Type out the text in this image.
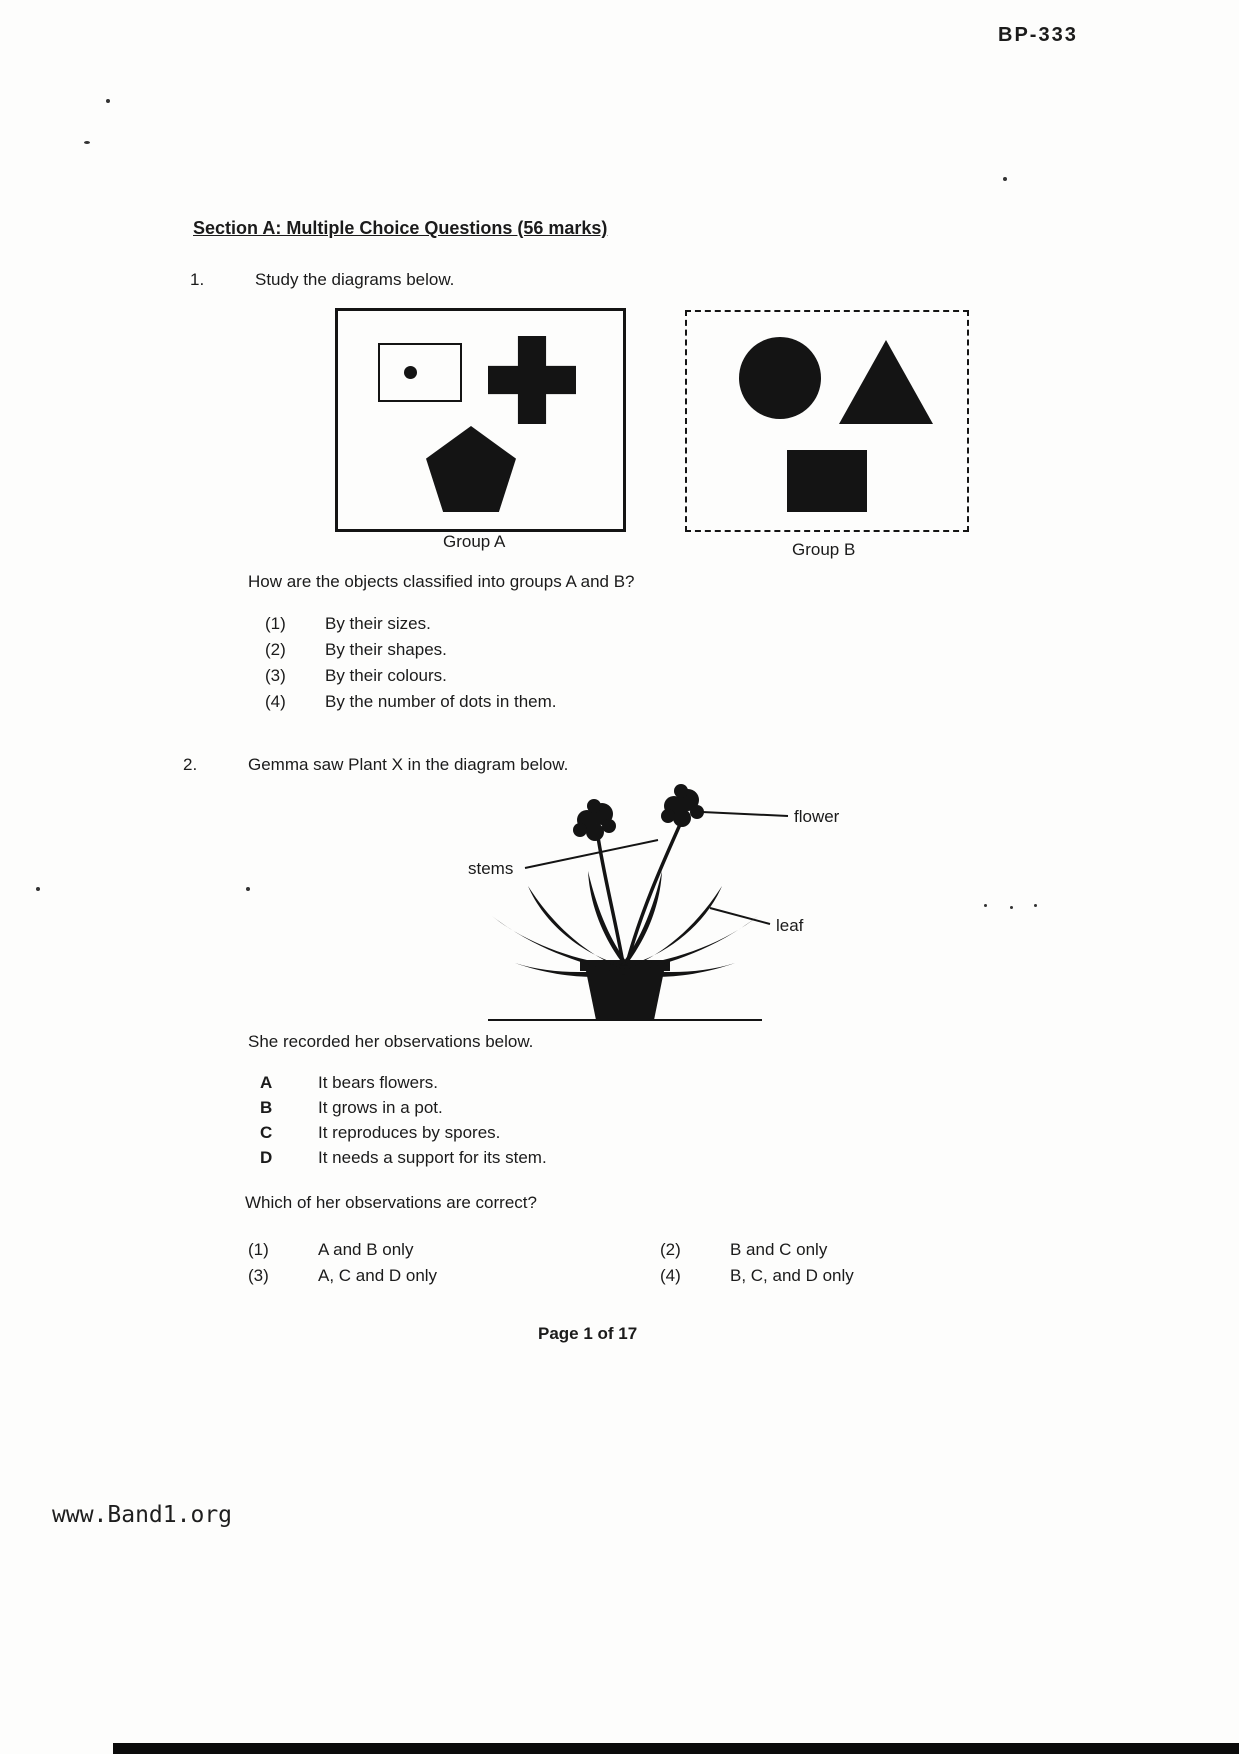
BP-333
Section A: Multiple Choice Questions (56 marks)
1.	Study the diagrams below.
Group A	Group B
How are the objects classified into groups A and B?
(1) By their sizes.
(2) By their shapes.
(3) By their colours.
(4) By the number of dots in them.
2.	Gemma saw Plant X in the diagram below.
flower
stems
leaf
She recorded her observations below.
A	It bears flowers.
B	It grows in a pot.
C	It reproduces by spores.
D	It needs a support for its stem.
Which of her observations are correct?
(1)	A and B only	(2)	B and C only
(3)	A, C and D only	(4)	B, C, and D only
Page 1 of 17
www.Band1.org
